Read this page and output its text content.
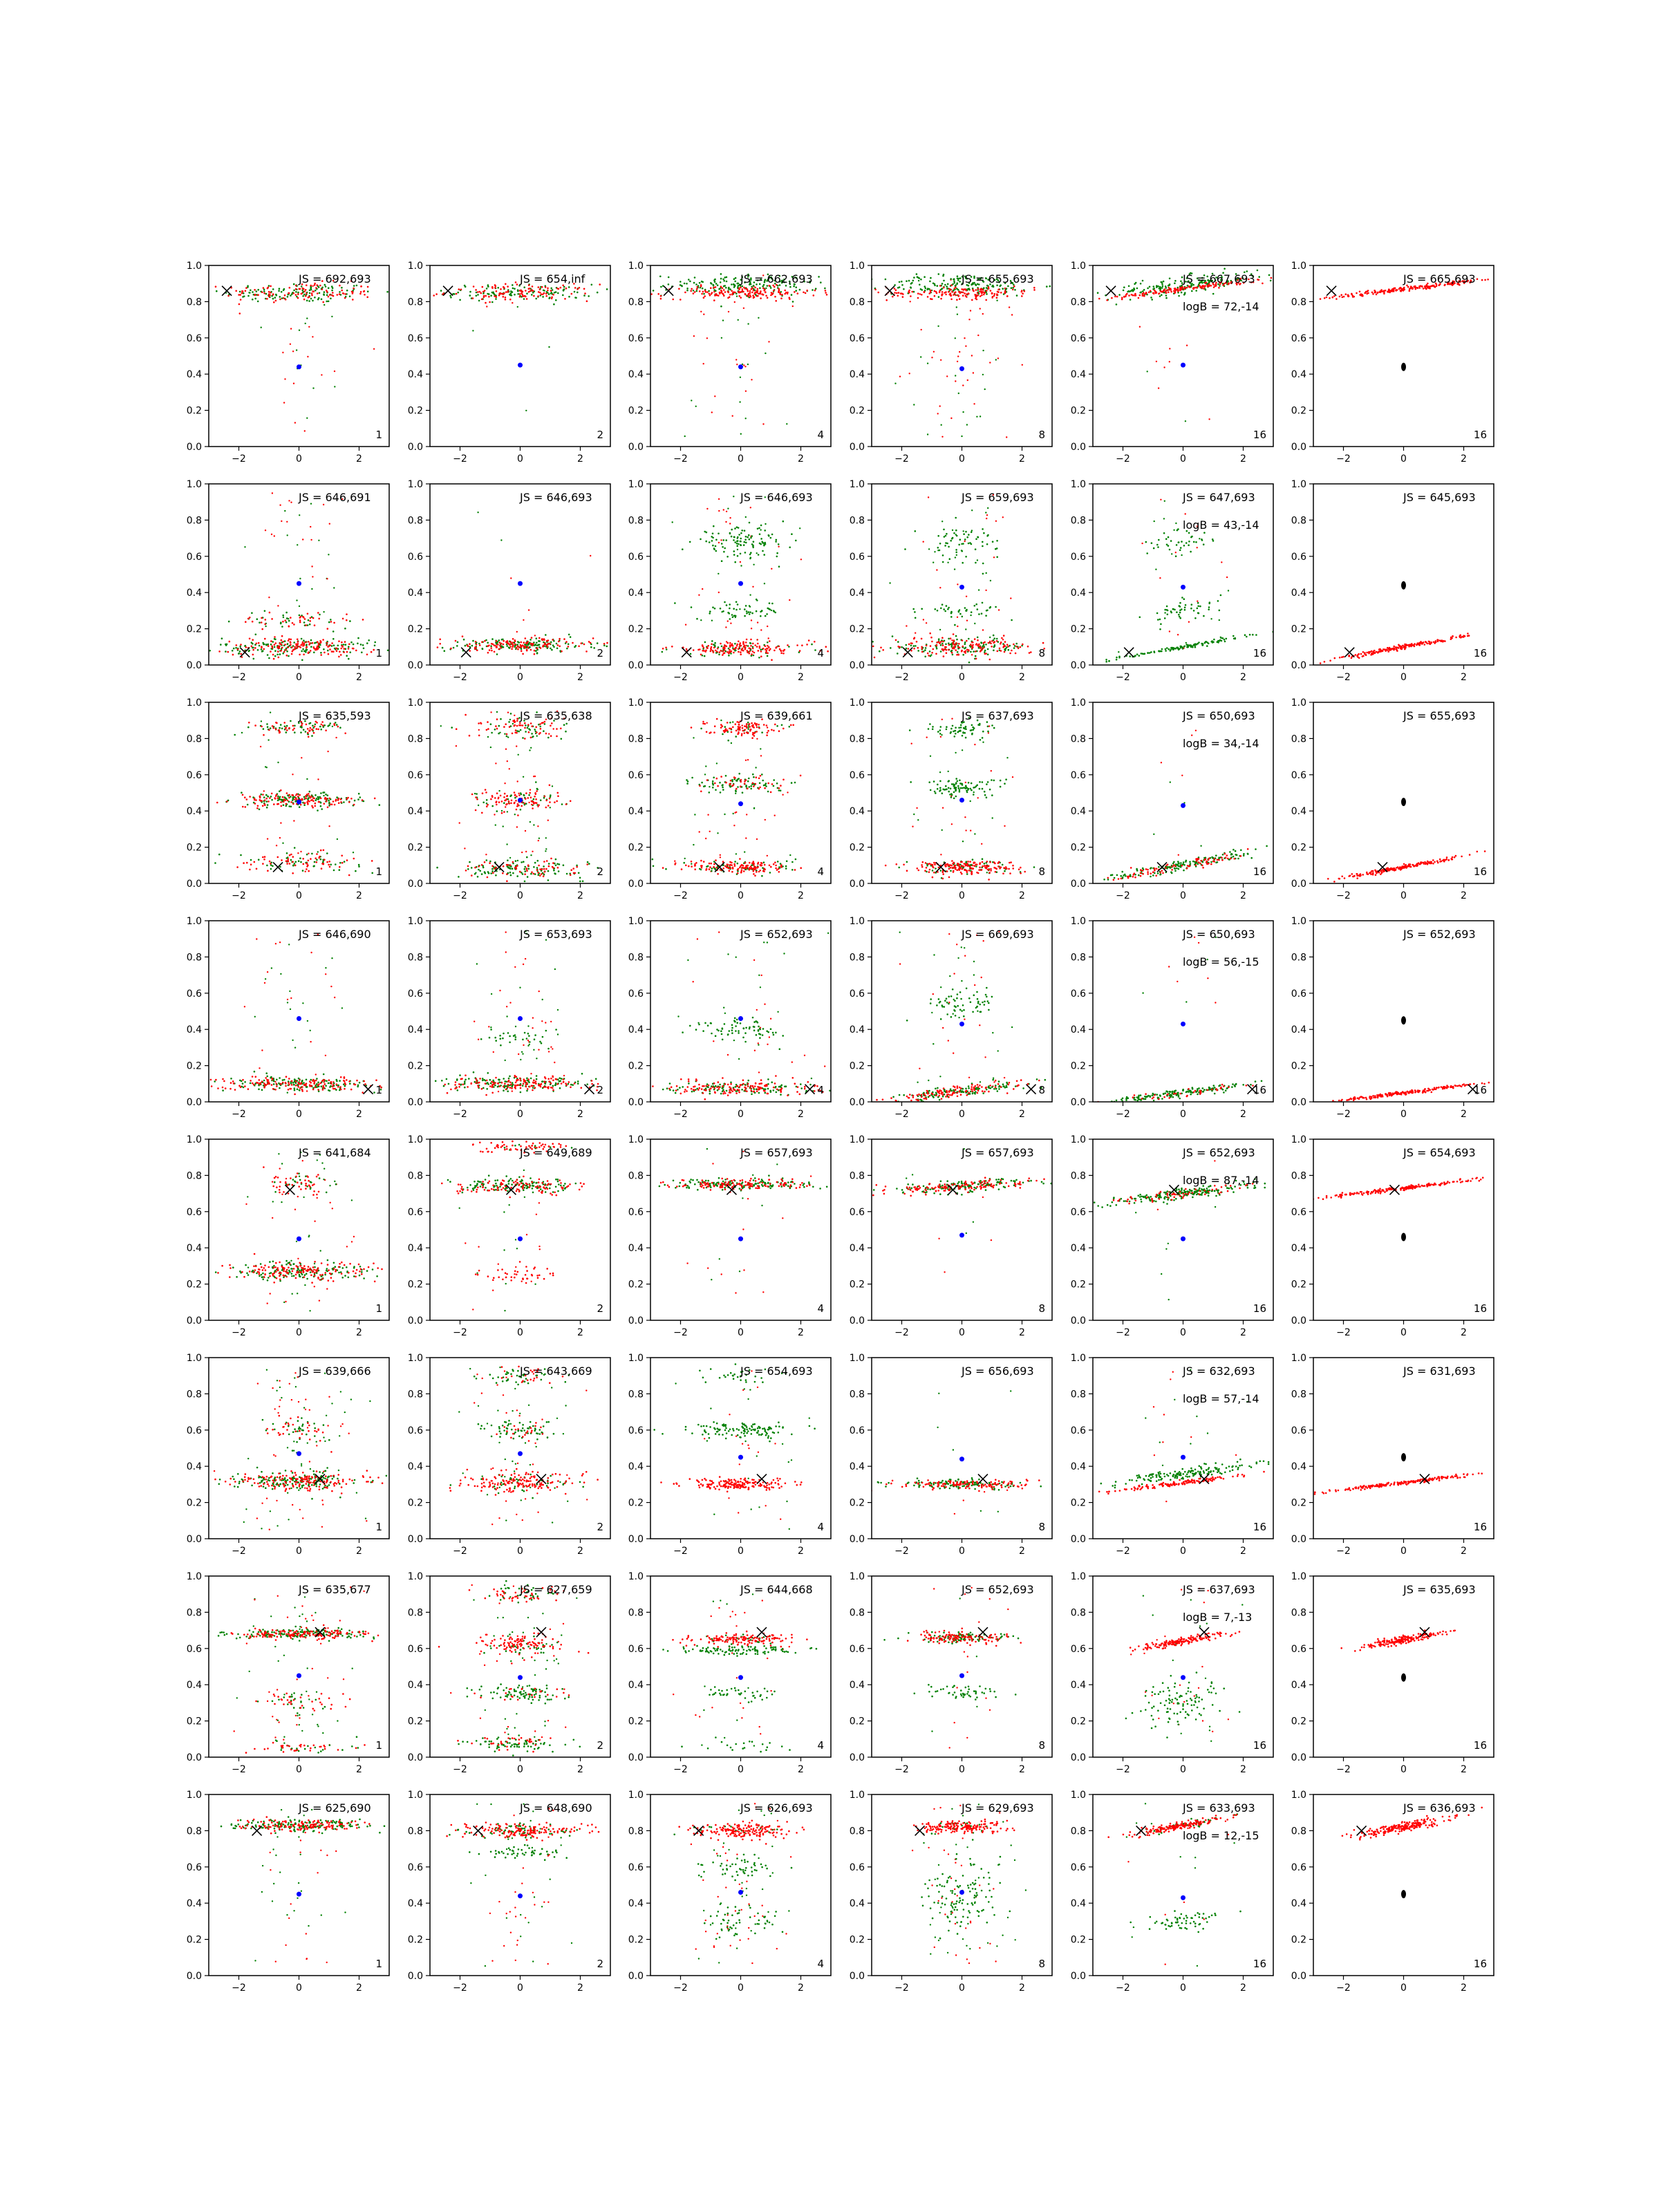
−2	0	2
0.0
0.2
0.4
0.6
0.8
1.0
JS = 692,693
1
−2	0	2
0.0
0.2
0.4
0.6
0.8
1.0
JS = 654,inf
2
−2	0	2
0.0
0.2
0.4
0.6
0.8
1.0
JS = 662,693
4
−2	0	2
0.0
0.2
0.4
0.6
0.8
1.0
JS = 655,693
8
−2	0	2
0.0
0.2
0.4
0.6
0.8
1.0
JS = 667,693
logB = 72,-14
16
−2	0	2
0.0
0.2
0.4
0.6
0.8
1.0
JS = 665,693
16
−2	0	2
0.0
0.2
0.4
0.6
0.8
1.0
JS = 646,691
1
−2	0	2
0.0
0.2
0.4
0.6
0.8
1.0
JS = 646,693
2
−2	0	2
0.0
0.2
0.4
0.6
0.8
1.0
JS = 646,693
4
−2	0	2
0.0
0.2
0.4
0.6
0.8
1.0
JS = 659,693
8
−2	0	2
0.0
0.2
0.4
0.6
0.8
1.0
JS = 647,693
logB = 43,-14
16
−2	0	2
0.0
0.2
0.4
0.6
0.8
1.0
JS = 645,693
16
−2	0	2
0.0
0.2
0.4
0.6
0.8
1.0
JS = 635,593
1
−2	0	2
0.0
0.2
0.4
0.6
0.8
1.0
JS = 635,638
2
−2	0	2
0.0
0.2
0.4
0.6
0.8
1.0
JS = 639,661
4
−2	0	2
0.0
0.2
0.4
0.6
0.8
1.0
JS = 637,693
8
−2	0	2
0.0
0.2
0.4
0.6
0.8
1.0
JS = 650,693
logB = 34,-14
16
−2	0	2
0.0
0.2
0.4
0.6
0.8
1.0
JS = 655,693
16
−2	0	2
0.0
0.2
0.4
0.6
0.8
1.0
JS = 646,690
1
−2	0	2
0.0
0.2
0.4
0.6
0.8
1.0
JS = 653,693
2
−2	0	2
0.0
0.2
0.4
0.6
0.8
1.0
JS = 652,693
4
−2	0	2
0.0
0.2
0.4
0.6
0.8
1.0
JS = 669,693
8
−2	0	2
0.0
0.2
0.4
0.6
0.8
1.0
JS = 650,693
logB = 56,-15
16
−2	0	2
0.0
0.2
0.4
0.6
0.8
1.0
JS = 652,693
16
−2	0	2
0.0
0.2
0.4
0.6
0.8
1.0
JS = 641,684
1
−2	0	2
0.0
0.2
0.4
0.6
0.8
1.0
JS = 649,689
2
−2	0	2
0.0
0.2
0.4
0.6
0.8
1.0
JS = 657,693
4
−2	0	2
0.0
0.2
0.4
0.6
0.8
1.0
JS = 657,693
8
−2	0	2
0.0
0.2
0.4
0.6
0.8
1.0
JS = 652,693
logB = 87,-14
16
−2	0	2
0.0
0.2
0.4
0.6
0.8
1.0
JS = 654,693
16
−2	0	2
0.0
0.2
0.4
0.6
0.8
1.0
JS = 639,666
1
−2	0	2
0.0
0.2
0.4
0.6
0.8
1.0
JS = 643,669
2
−2	0	2
0.0
0.2
0.4
0.6
0.8
1.0
JS = 654,693
4
−2	0	2
0.0
0.2
0.4
0.6
0.8
1.0
JS = 656,693
8
−2	0	2
0.0
0.2
0.4
0.6
0.8
1.0
JS = 632,693
logB = 57,-14
16
−2	0	2
0.0
0.2
0.4
0.6
0.8
1.0
JS = 631,693
16
−2	0	2
0.0
0.2
0.4
0.6
0.8
1.0
JS = 635,677
1
−2	0	2
0.0
0.2
0.4
0.6
0.8
1.0
JS = 627,659
2
−2	0	2
0.0
0.2
0.4
0.6
0.8
1.0
JS = 644,668
4
−2	0	2
0.0
0.2
0.4
0.6
0.8
1.0
JS = 652,693
8
−2	0	2
0.0
0.2
0.4
0.6
0.8
1.0
JS = 637,693
logB = 7,-13
16
−2	0	2
0.0
0.2
0.4
0.6
0.8
1.0
JS = 635,693
16
−2	0	2
0.0
0.2
0.4
0.6
0.8
1.0
JS = 625,690
1
−2	0	2
0.0
0.2
0.4
0.6
0.8
1.0
JS = 648,690
2
−2	0	2
0.0
0.2
0.4
0.6
0.8
1.0
JS = 626,693
4
−2	0	2
0.0
0.2
0.4
0.6
0.8
1.0
JS = 629,693
8
−2	0	2
0.0
0.2
0.4
0.6
0.8
1.0
JS = 633,693
logB = 12,-15
16
−2	0	2
0.0
0.2
0.4
0.6
0.8
1.0
JS = 636,693
16
